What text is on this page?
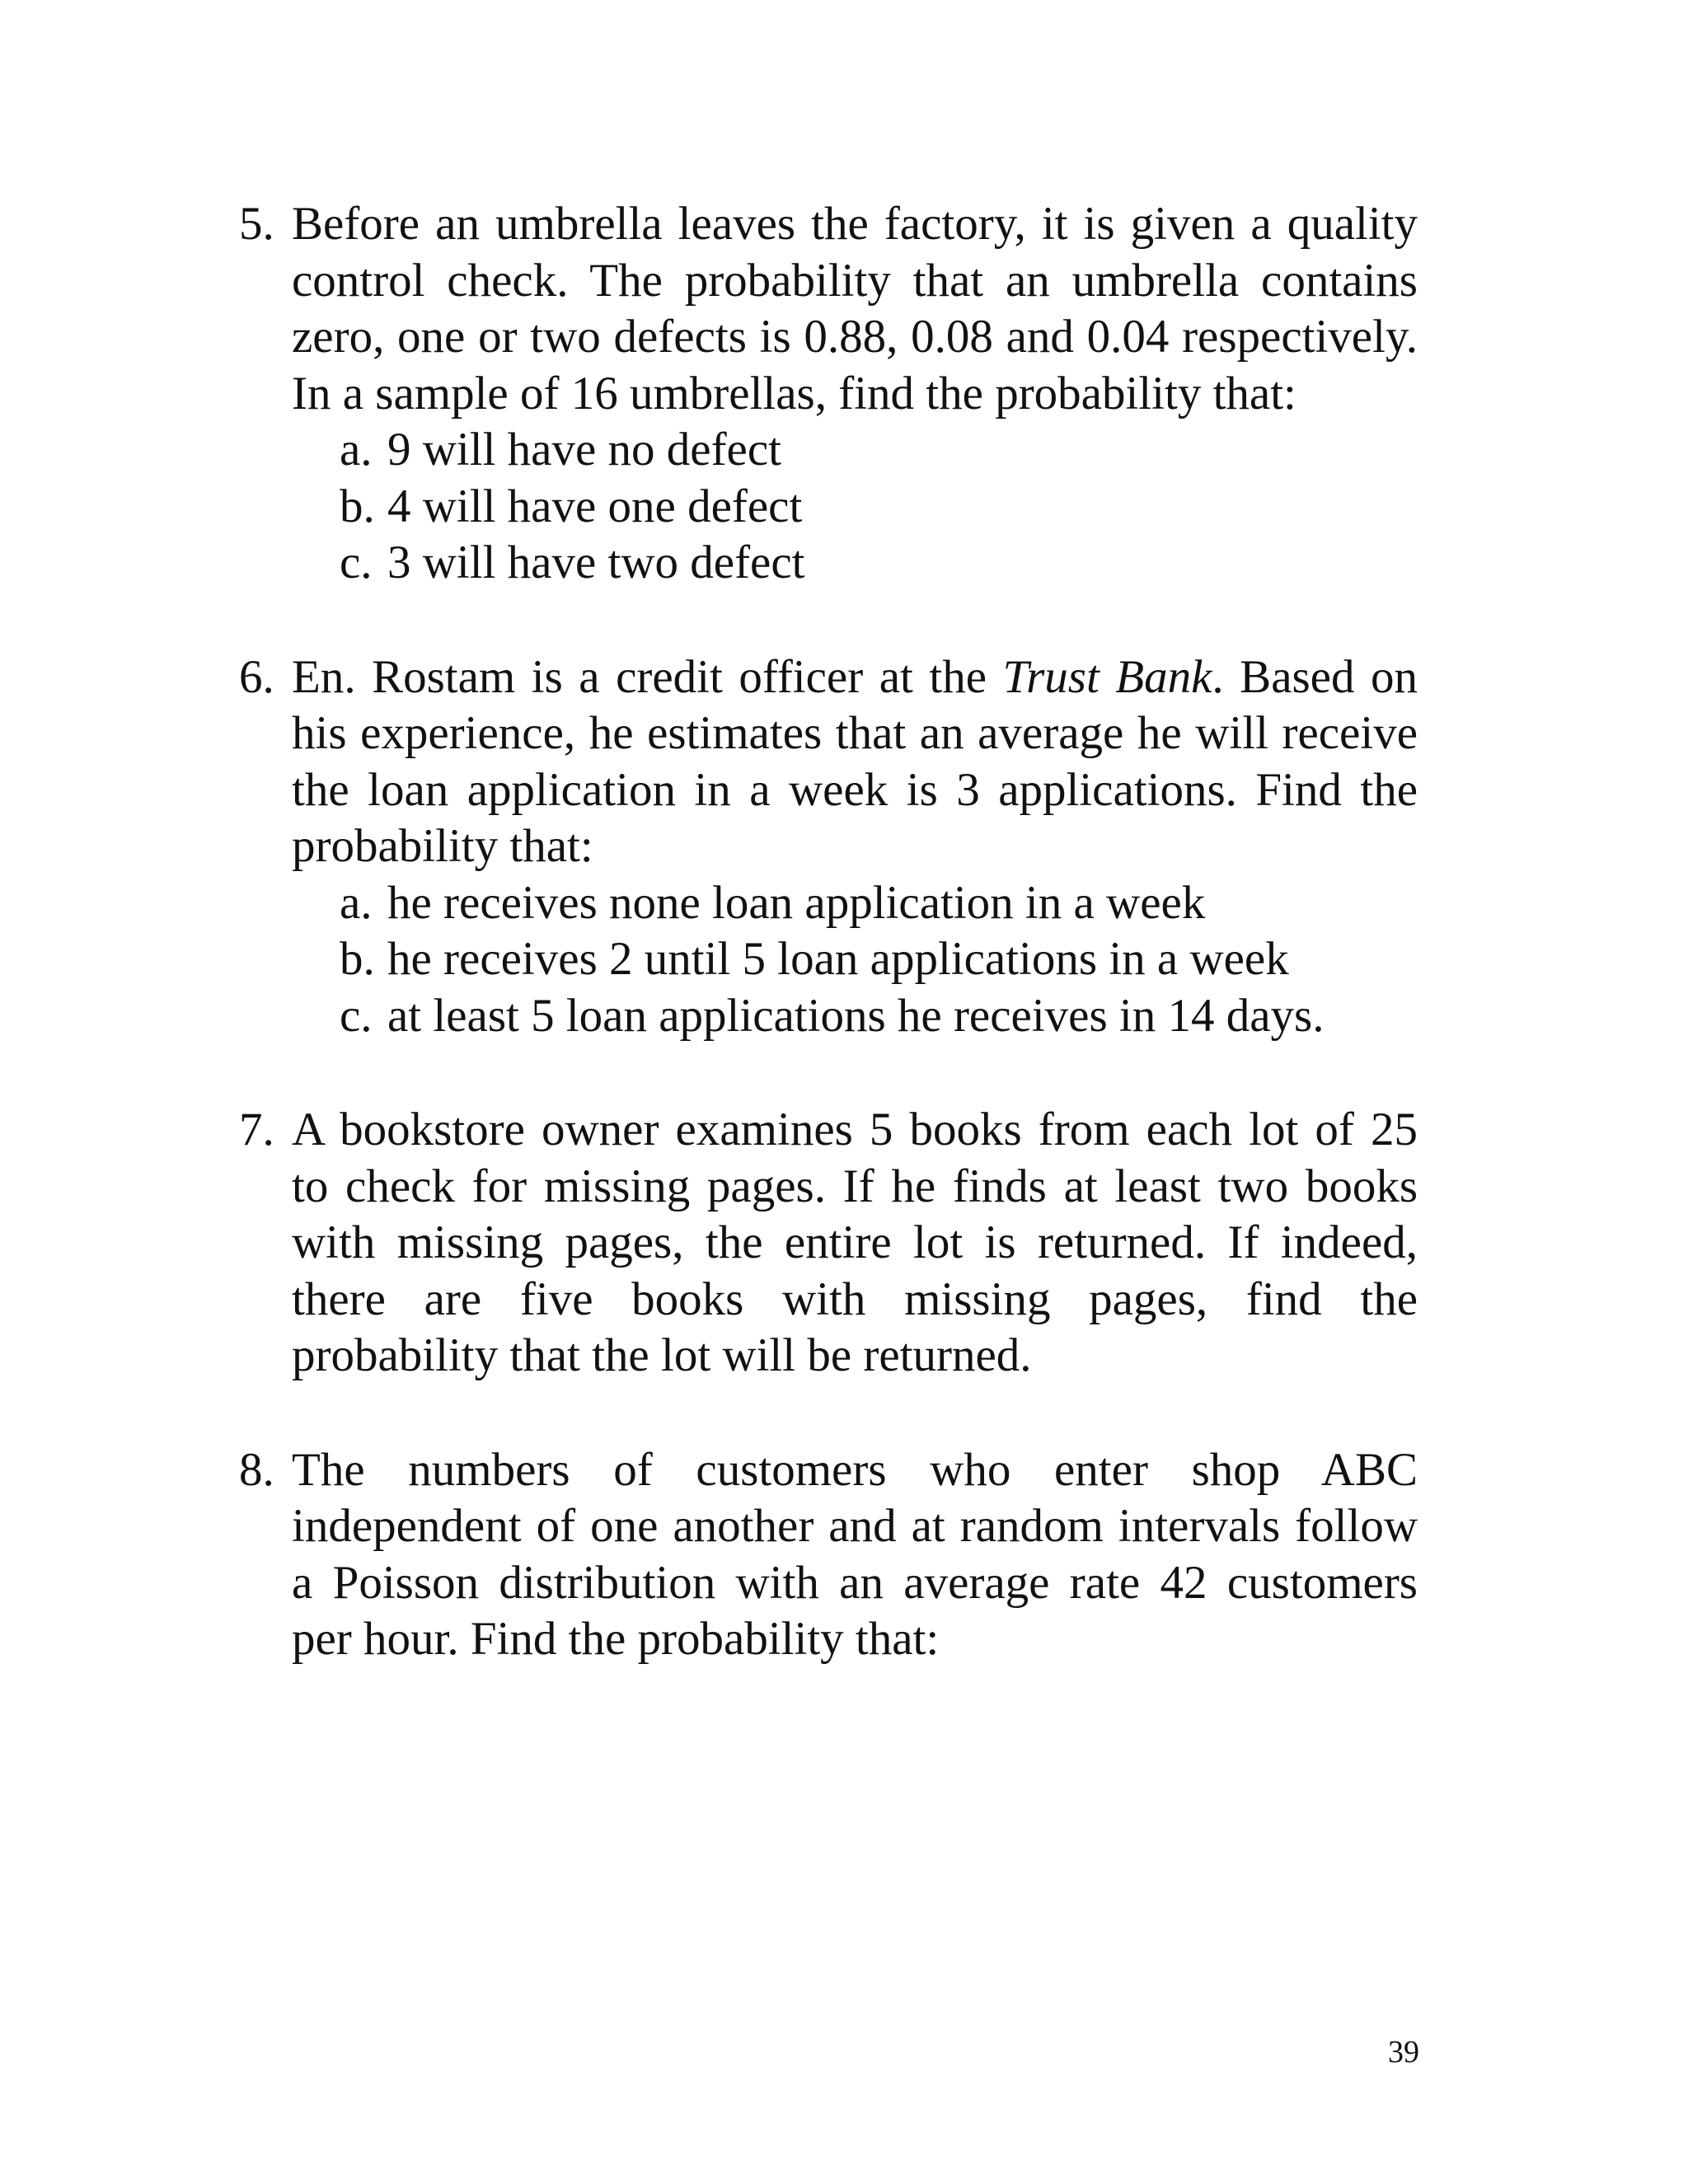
5. Before an umbrella leaves the factory, it is given a quality control check. The probability that an umbrella contains zero, one or two defects is 0.88, 0.08 and 0.04 respectively. In a sample of 16 umbrellas, find the probability that:

a. 9 will have no defect
b. 4 will have one defect
c. 3 will have two defect
6. En. Rostam is a credit officer at the Trust Bank. Based on his experience, he estimates that an average he will receive the loan application in a week is 3 applications. Find the probability that:

a. he receives none loan application in a week
b. he receives 2 until 5 loan applications in a week
c. at least 5 loan applications he receives in 14 days.
7. A bookstore owner examines 5 books from each lot of 25 to check for missing pages. If he finds at least two books with missing pages, the entire lot is returned. If indeed, there are five books with missing pages, find the probability that the lot will be returned.

8. The numbers of customers who enter shop ABC independent of one another and at random intervals follow a Poisson distribution with an average rate 42 customers per hour. Find the probability that:

39
